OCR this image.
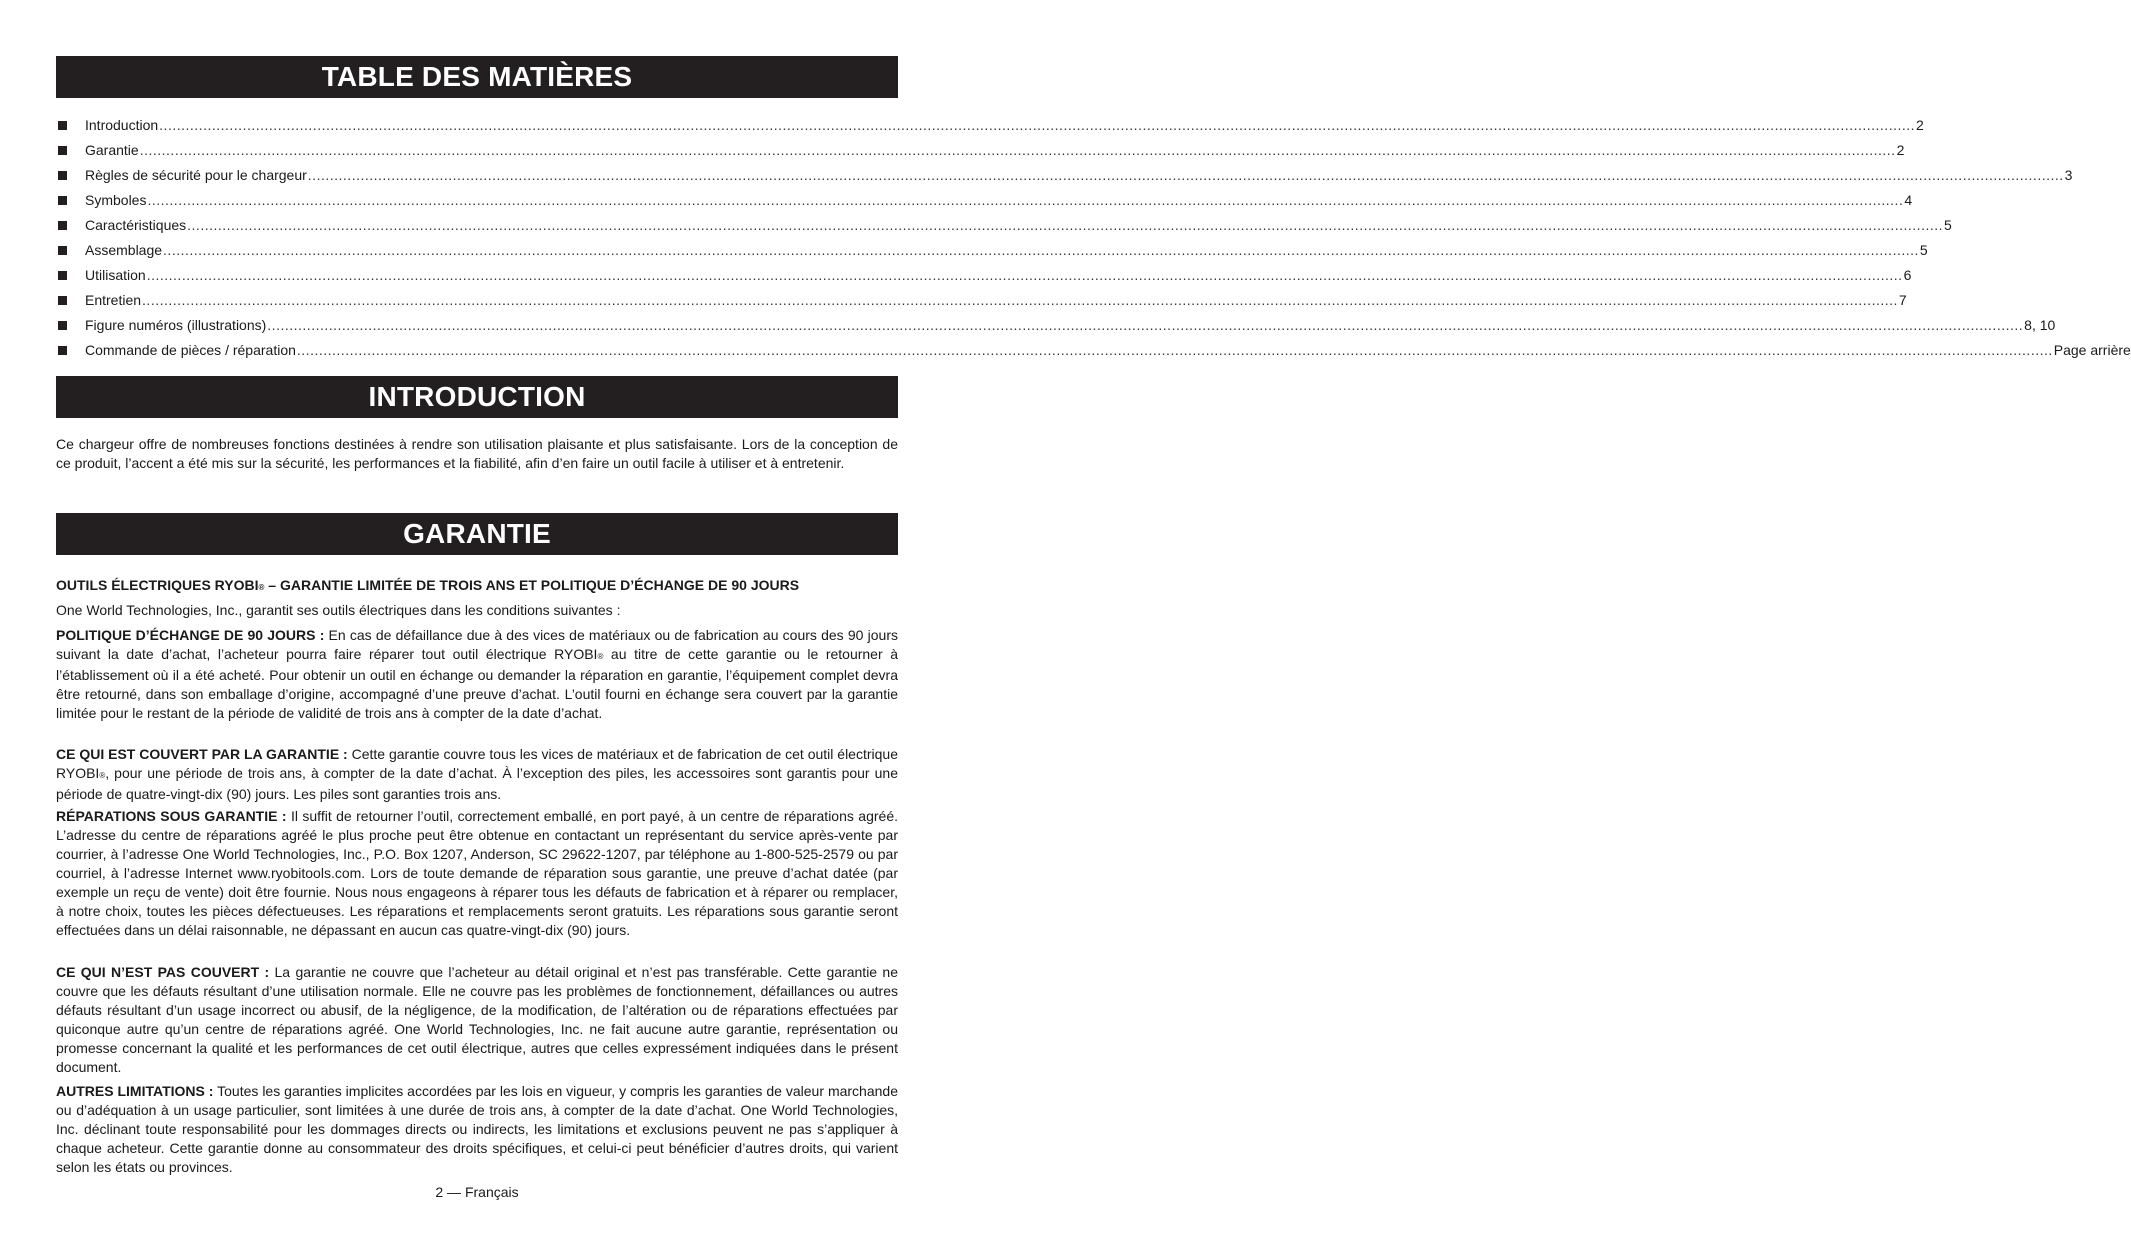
TABLE DES MATIÈRES
Introduction ................................................................................................................................................................................................................................................................................................................................................................................................................ 2
Garantie ................................................................................................................................................................................................................................................................................................................................................................................................................ 2
Règles de sécurité pour le chargeur ................................................................................................................................................................................................................................................................................................................................................................................................................ 3
Symboles ................................................................................................................................................................................................................................................................................................................................................................................................................ 4
Caractéristiques ................................................................................................................................................................................................................................................................................................................................................................................................................ 5
Assemblage ................................................................................................................................................................................................................................................................................................................................................................................................................ 5
Utilisation ................................................................................................................................................................................................................................................................................................................................................................................................................ 6
Entretien ................................................................................................................................................................................................................................................................................................................................................................................................................ 7
Figure numéros (illustrations) ................................................................................................................................................................................................................................................................................................................................................................................................................ 8, 10
Commande de pièces / réparation ................................................................................................................................................................................................................................................................................................................................................................................................................ Page arrière
INTRODUCTION

Ce chargeur offre de nombreuses fonctions destinées à rendre son utilisation plaisante et plus satisfaisante. Lors de la conception de ce produit, l’accent a été mis sur la sécurité, les performances et la fiabilité, afin d’en faire un outil facile à utiliser et à entretenir.

GARANTIE

OUTILS ÉLECTRIQUES RYOBI® – GARANTIE LIMITÉE DE TROIS ANS ET POLITIQUE D’ÉCHANGE DE 90 JOURS

One World Technologies, Inc., garantit ses outils électriques dans les conditions suivantes :

POLITIQUE D’ÉCHANGE DE 90 JOURS : En cas de défaillance due à des vices de matériaux ou de fabrication au cours des 90 jours suivant la date d’achat, l’acheteur pourra faire réparer tout outil électrique RYOBI® au titre de cette garantie ou le retourner à l’établissement où il a été acheté. Pour obtenir un outil en échange ou demander la réparation en garantie, l’équipement complet devra être retourné, dans son emballage d’origine, accompagné d’une preuve d’achat. L’outil fourni en échange sera couvert par la garantie limitée pour le restant de la période de validité de trois ans à compter de la date d’achat.

CE QUI EST COUVERT PAR LA GARANTIE : Cette garantie couvre tous les vices de matériaux et de fabrication de cet outil électrique RYOBI®, pour une période de trois ans, à compter de la date d’achat. À l’exception des piles, les accessoires sont garantis pour une période de quatre-vingt-dix (90) jours. Les piles sont garanties trois ans.

RÉPARATIONS SOUS GARANTIE : Il suffit de retourner l’outil, correctement emballé, en port payé, à un centre de réparations agréé. L’adresse du centre de réparations agréé le plus proche peut être obtenue en contactant un représentant du service après-vente par courrier, à l’adresse One World Technologies, Inc., P.O. Box 1207, Anderson, SC 29622-1207, par téléphone au 1-800-525-2579 ou par courriel, à l’adresse Internet www.ryobitools.com. Lors de toute demande de réparation sous garantie, une preuve d’achat datée (par exemple un reçu de vente) doit être fournie. Nous nous engageons à réparer tous les défauts de fabrication et à réparer ou remplacer, à notre choix, toutes les pièces défectueuses. Les réparations et remplacements seront gratuits. Les réparations sous garantie seront effectuées dans un délai raisonnable, ne dépassant en aucun cas quatre-vingt-dix (90) jours.

CE QUI N’EST PAS COUVERT : La garantie ne couvre que l’acheteur au détail original et n’est pas transférable. Cette garantie ne couvre que les défauts résultant d’une utilisation normale. Elle ne couvre pas les problèmes de fonctionnement, défaillances ou autres défauts résultant d’un usage incorrect ou abusif, de la négligence, de la modification, de l’altération ou de réparations effectuées par quiconque autre qu’un centre de réparations agréé. One World Technologies, Inc. ne fait aucune autre garantie, représentation ou promesse concernant la qualité et les performances de cet outil électrique, autres que celles expressément indiquées dans le présent document.

AUTRES LIMITATIONS : Toutes les garanties implicites accordées par les lois en vigueur, y compris les garanties de valeur marchande ou d’adéquation à un usage particulier, sont limitées à une durée de trois ans, à compter de la date d’achat. One World Technologies, Inc. déclinant toute responsabilité pour les dommages directs ou indirects, les limitations et exclusions peuvent ne pas s’appliquer à chaque acheteur. Cette garantie donne au consommateur des droits spécifiques, et celui-ci peut bénéficier d’autres droits, qui varient selon les états ou provinces.

2 — Français
